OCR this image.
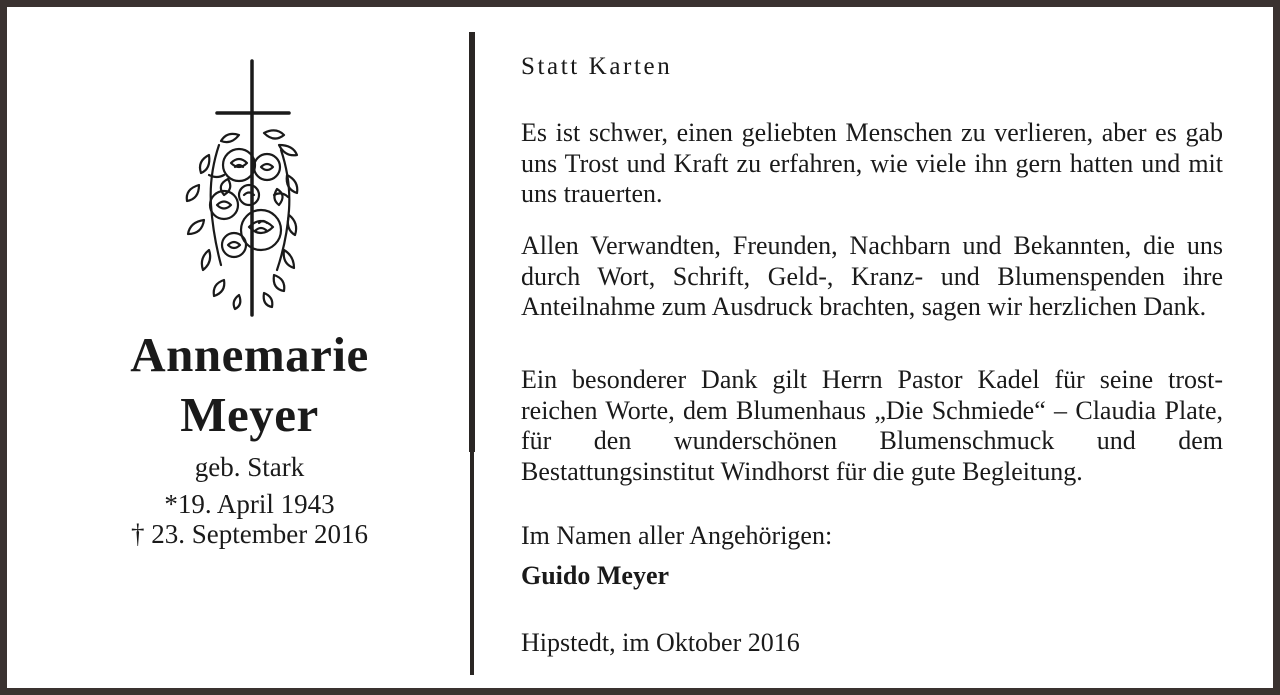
Annemarie
Meyer
geb. Stark
*19. April 1943
† 23. September 2016
Statt Karten

Es ist schwer, einen geliebten Menschen zu verlieren, aber es gab uns Trost und Kraft zu erfahren, wie viele ihn gern hatten und mit uns trauerten.

Allen Verwandten, Freunden, Nachbarn und Bekannten, die uns durch Wort, Schrift, Geld-, Kranz- und Blumenspenden ihre Anteilnahme zum Ausdruck brachten, sagen wir herzlichen Dank.

Ein besonderer Dank gilt Herrn Pastor Kadel für seine trost-reichen Worte, dem Blumenhaus „Die Schmiede“ – Claudia Plate, für den wunderschönen Blumenschmuck und dem Bestattungsinstitut Windhorst für die gute Begleitung.

Im Namen aller Angehörigen:
Guido Meyer
Hipstedt, im Oktober 2016
